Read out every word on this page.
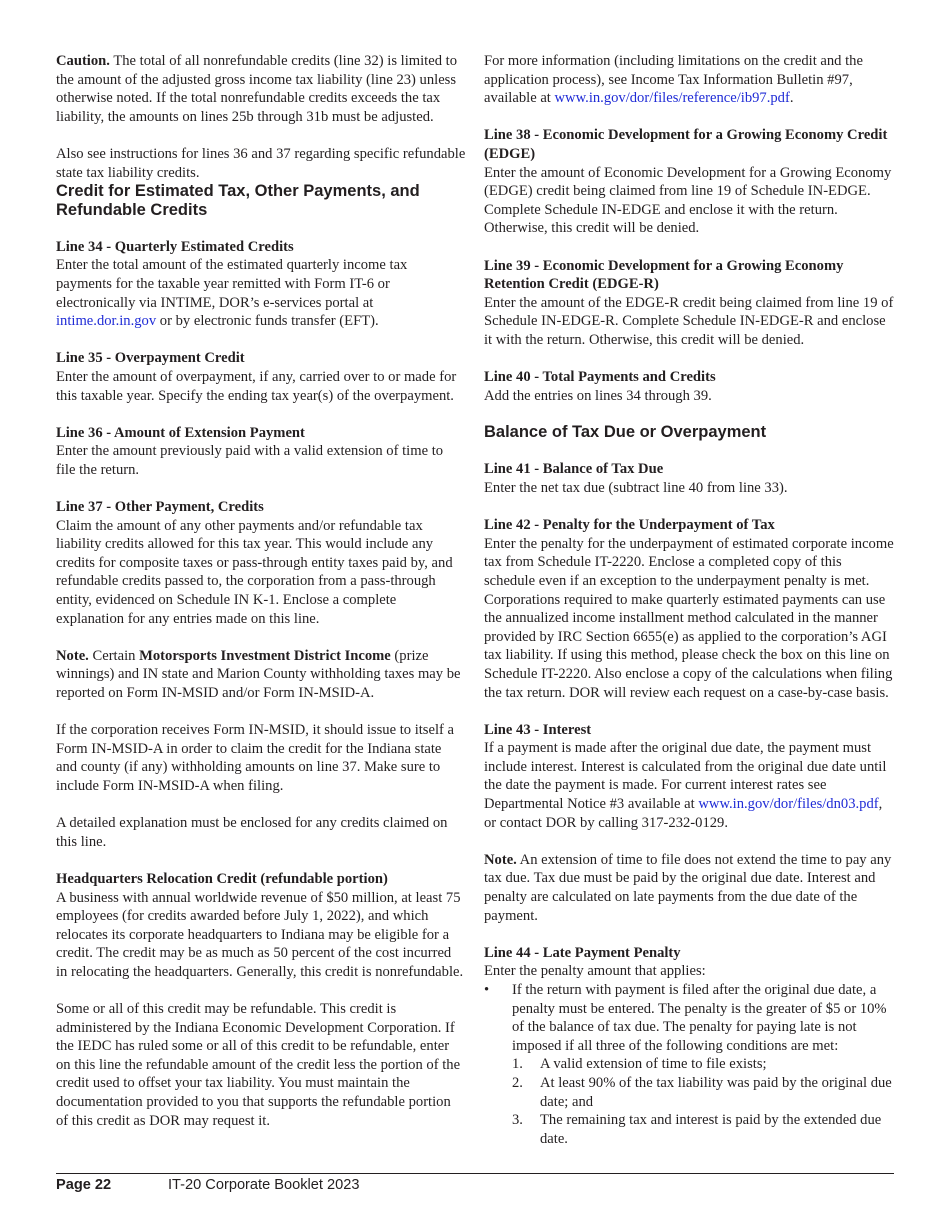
Caution. The total of all nonrefundable credits (line 32) is limited to the amount of the adjusted gross income tax liability (line 23) unless otherwise noted. If the total nonrefundable credits exceeds the tax liability, the amounts on lines 25b through 31b must be adjusted.

Also see instructions for lines 36 and 37 regarding specific refundable state tax liability credits.

Credit for Estimated Tax, Other Payments, and Refundable Credits

Line 34 - Quarterly Estimated Credits

Enter the total amount of the estimated quarterly income tax payments for the taxable year remitted with Form IT-6 or electronically via INTIME, DOR’s e-services portal at intime.dor.in.gov or by electronic funds transfer (EFT).

Line 35 - Overpayment Credit

Enter the amount of overpayment, if any, carried over to or made for this taxable year. Specify the ending tax year(s) of the overpayment.

Line 36 - Amount of Extension Payment

Enter the amount previously paid with a valid extension of time to file the return.

Line 37 - Other Payment, Credits

Claim the amount of any other payments and/or refundable tax liability credits allowed for this tax year. This would include any credits for composite taxes or pass-through entity taxes paid by, and refundable credits passed to, the corporation from a pass-through entity, evidenced on Schedule IN K-1. Enclose a complete explanation for any entries made on this line.

Note. Certain Motorsports Investment District Income (prize winnings) and IN state and Marion County withholding taxes may be reported on Form IN-MSID and/or Form IN-MSID-A.

If the corporation receives Form IN-MSID, it should issue to itself a Form IN-MSID-A in order to claim the credit for the Indiana state and county (if any) withholding amounts on line 37. Make sure to include Form IN-MSID-A when filing.

A detailed explanation must be enclosed for any credits claimed on this line.

Headquarters Relocation Credit (refundable portion)

A business with annual worldwide revenue of $50 million, at least 75 employees (for credits awarded before July 1, 2022), and which relocates its corporate headquarters to Indiana may be eligible for a credit. The credit may be as much as 50 percent of the cost incurred in relocating the headquarters. Generally, this credit is nonrefundable.

Some or all of this credit may be refundable. This credit is administered by the Indiana Economic Development Corporation. If the IEDC has ruled some or all of this credit to be refundable, enter on this line the refundable amount of the credit less the portion of the credit used to offset your tax liability. You must maintain the documentation provided to you that supports the refundable portion of this credit as DOR may request it.

For more information (including limitations on the credit and the application process), see Income Tax Information Bulletin #97, available at www.in.gov/dor/files/reference/ib97.pdf.

Line 38 - Economic Development for a Growing Economy Credit (EDGE)

Enter the amount of Economic Development for a Growing Economy (EDGE) credit being claimed from line 19 of Schedule IN-EDGE. Complete Schedule IN-EDGE and enclose it with the return. Otherwise, this credit will be denied.

Line 39 - Economic Development for a Growing Economy Retention Credit (EDGE-R)

Enter the amount of the EDGE-R credit being claimed from line 19 of Schedule IN-EDGE-R. Complete Schedule IN-EDGE-R and enclose it with the return. Otherwise, this credit will be denied.

Line 40 - Total Payments and Credits

Add the entries on lines 34 through 39.

Balance of Tax Due or Overpayment

Line 41 - Balance of Tax Due

Enter the net tax due (subtract line 40 from line 33).

Line 42 - Penalty for the Underpayment of Tax

Enter the penalty for the underpayment of estimated corporate income tax from Schedule IT-2220. Enclose a completed copy of this schedule even if an exception to the underpayment penalty is met. Corporations required to make quarterly estimated payments can use the annualized income installment method calculated in the manner provided by IRC Section 6655(e) as applied to the corporation’s AGI tax liability. If using this method, please check the box on this line on Schedule IT-2220. Also enclose a copy of the calculations when filing the tax return. DOR will review each request on a case-by-case basis.

Line 43 - Interest

If a payment is made after the original due date, the payment must include interest. Interest is calculated from the original due date until the date the payment is made. For current interest rates see Departmental Notice #3 available at www.in.gov/dor/files/dn03.pdf, or contact DOR by calling 317-232-0129.

Note. An extension of time to file does not extend the time to pay any tax due. Tax due must be paid by the original due date. Interest and penalty are calculated on late payments from the due date of the payment.

Line 44 - Late Payment Penalty

Enter the penalty amount that applies:

• If the return with payment is filed after the original due date, a penalty must be entered. The penalty is the greater of $5 or 10% of the balance of tax due. The penalty for paying late is not imposed if all three of the following conditions are met:
1. A valid extension of time to file exists;
2. At least 90% of the tax liability was paid by the original due date; and
3. The remaining tax and interest is paid by the extended due date.
Page 22	IT-20 Corporate Booklet 2023
